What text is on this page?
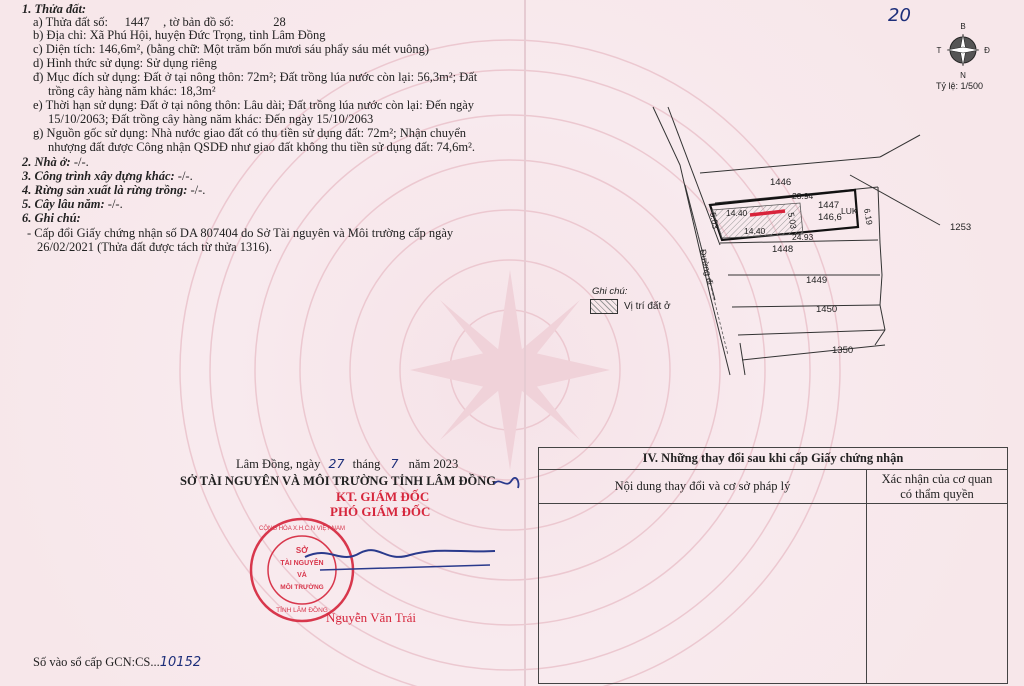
1. Thửa đất:
a) Thửa đất số: 1447 , tờ bản đồ số:	28
b) Địa chỉ: Xã Phú Hội, huyện Đức Trọng, tỉnh Lâm Đồng
c) Diện tích: 146,6m², (bằng chữ: Một trăm bốn mươi sáu phẩy sáu mét vuông)
d) Hình thức sử dụng: Sử dụng riêng
đ) Mục đích sử dụng: Đất ở tại nông thôn: 72m²; Đất trồng lúa nước còn lại: 56,3m²; Đất
trồng cây hàng năm khác: 18,3m²
e) Thời hạn sử dụng: Đất ở tại nông thôn: Lâu dài; Đất trồng lúa nước còn lại: Đến ngày
15/10/2063; Đất trồng cây hàng năm khác: Đến ngày 15/10/2063
g) Nguồn gốc sử dụng: Nhà nước giao đất có thu tiền sử dụng đất: 72m²; Nhận chuyển
nhượng đất được Công nhận QSDĐ như giao đất không thu tiền sử dụng đất: 74,6m².
2. Nhà ở: -/-.
3. Công trình xây dựng khác: -/-.
4. Rừng sản xuất là rừng trồng: -/-.
5. Cây lâu năm: -/-.
6. Ghi chú:
- Cấp đổi Giấy chứng nhận số DA 807404 do Sở Tài nguyên và Môi trường cấp ngày
26/02/2021 (Thửa đất được tách từ thửa 1316).
Lâm Đồng, ngày 27 tháng 7 năm 2023
SỞ TÀI NGUYÊN VÀ MÔI TRƯỜNG TỈNH LÂM ĐỒNG
KT. GIÁM ĐỐC
PHÓ GIÁM ĐỐC
SỞ
TÀI NGUYÊN
VÀ
MÔI TRƯỜNG
TỈNH LÂM ĐỒNG
CỘNG HÒA X.H.C.N VIỆT NAM
Nguyễn Văn Trái
Số vào sổ cấp GCN:CS...10152
20
B
N
T	Đ
Tỷ lệ: 1/500
1446
1447
146,6
LUK
1448
1449
1450
1253
1350
23.94
24.93
14.40
14.40
6.19
5.03	5.03
Đường đi
Ghi chú:
Vị trí đất ở
IV. Những thay đổi sau khi cấp Giấy chứng nhận	
Nội dung thay đổi và cơ sở pháp lý	Xác nhận của cơ quan
có thẩm quyền
